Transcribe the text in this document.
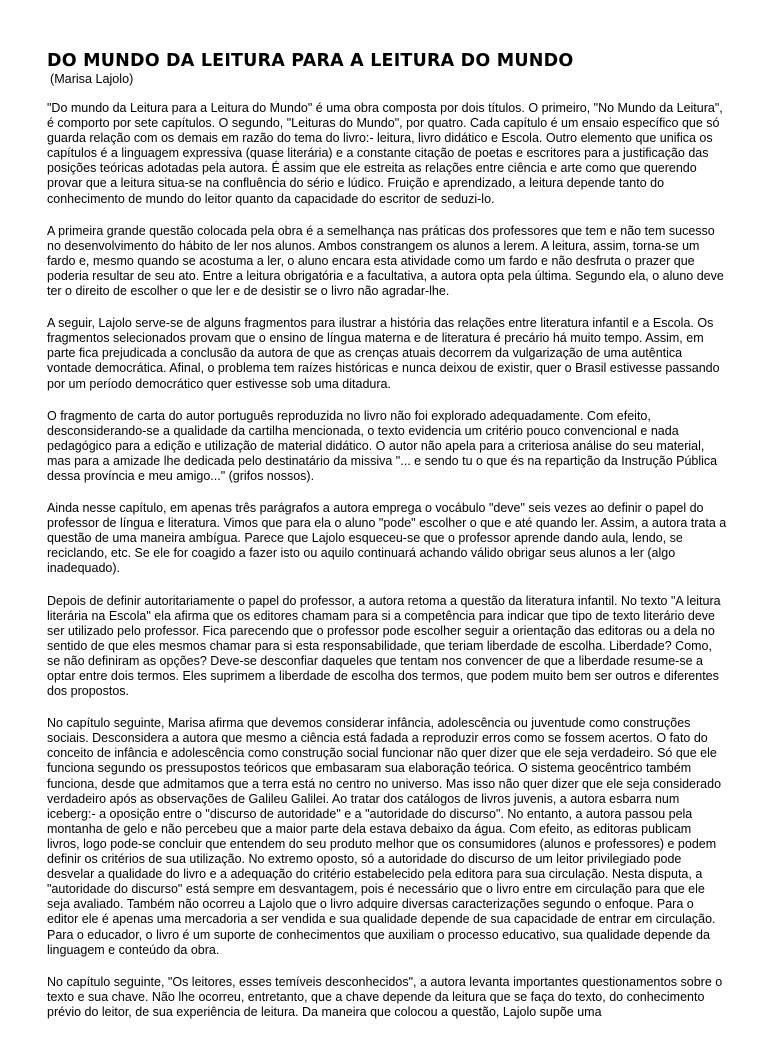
DO MUNDO DA LEITURA PARA A LEITURA DO MUNDO
(Marisa Lajolo)

"Do mundo da Leitura para a Leitura do Mundo" é uma obra composta por dois títulos. O primeiro, "No Mundo da Leitura", é comporto por sete capítulos. O segundo, "Leituras do Mundo", por quatro. Cada capítulo é um ensaio específico que só guarda relação com os demais em razão do tema do livro:- leitura, livro didático e Escola. Outro elemento que unifica os capítulos é a linguagem expressiva (quase literária) e a constante citação de poetas e escritores para a justificação das posições teóricas adotadas pela autora. É assim que ele estreita as relações entre ciência e arte como que querendo provar que a leitura situa-se na confluência do sério e lúdico. Fruição e aprendizado, a leitura depende tanto do conhecimento de mundo do leitor quanto da capacidade do escritor de seduzi-lo.

A primeira grande questão colocada pela obra é a semelhança nas práticas dos professores que tem e não tem sucesso no desenvolvimento do hábito de ler nos alunos. Ambos constrangem os alunos a lerem. A leitura, assim, torna-se um fardo e, mesmo quando se acostuma a ler, o aluno encara esta atividade como um fardo e não desfruta o prazer que poderia resultar de seu ato. Entre a leitura obrigatória e a facultativa, a autora opta pela última. Segundo ela, o aluno deve ter o direito de escolher o que ler e de desistir se o livro não agradar-lhe.

A seguir, Lajolo serve-se de alguns fragmentos para ilustrar a história das relações entre literatura infantil e a Escola. Os fragmentos selecionados provam que o ensino de língua materna e de literatura é precário há muito tempo. Assim, em parte fica prejudicada a conclusão da autora de que as crenças atuais decorrem da vulgarização de uma autêntica vontade democrática. Afinal, o problema tem raízes históricas e nunca deixou de existir, quer o Brasil estivesse passando por um período democrático quer estivesse sob uma ditadura.

O fragmento de carta do autor português reproduzida no livro não foi explorado adequadamente. Com efeito, desconsiderando-se a qualidade da cartilha mencionada, o texto evidencia um critério pouco convencional e nada pedagógico para a edição e utilização de material didático. O autor não apela para a criteriosa análise do seu material, mas para a amizade lhe dedicada pelo destinatário da missiva "... e sendo tu o que és na repartição da Instrução Pública dessa província e meu amigo..." (grifos nossos).

Ainda nesse capítulo, em apenas três parágrafos a autora emprega o vocábulo "deve" seis vezes ao definir o papel do professor de língua e literatura. Vimos que para ela o aluno "pode" escolher o que e até quando ler. Assim, a autora trata a questão de uma maneira ambígua. Parece que Lajolo esqueceu-se que o professor aprende dando aula, lendo, se reciclando, etc. Se ele for coagido a fazer isto ou aquilo continuará achando válido obrigar seus alunos a ler (algo inadequado).

Depois de definir autoritariamente o papel do professor, a autora retoma a questão da literatura infantil. No texto "A leitura literária na Escola" ela afirma que os editores chamam para si a competência para indicar que tipo de texto literário deve ser utilizado pelo professor. Fica parecendo que o professor pode escolher seguir a orientação das editoras ou a dela no sentido de que eles mesmos chamar para si esta responsabilidade, que teriam liberdade de escolha. Liberdade? Como, se não definiram as opções? Deve-se desconfiar daqueles que tentam nos convencer de que a liberdade resume-se a optar entre dois termos. Eles suprimem a liberdade de escolha dos termos, que podem muito bem ser outros e diferentes dos propostos.

No capítulo seguinte, Marisa afirma que devemos considerar infância, adolescência ou juventude como construções sociais. Desconsidera a autora que mesmo a ciência está fadada a reproduzir erros como se fossem acertos. O fato do conceito de infância e adolescência como construção social funcionar não quer dizer que ele seja verdadeiro. Só que ele funciona segundo os pressupostos teóricos que embasaram sua elaboração teórica. O sistema geocêntrico também funciona, desde que admitamos que a terra está no centro no universo. Mas isso não quer dizer que ele seja considerado verdadeiro após as observações de Galileu Galilei. Ao tratar dos catálogos de livros juvenis, a autora esbarra num iceberg:- a oposição entre o "discurso de autoridade" e a "autoridade do discurso". No entanto, a autora passou pela montanha de gelo e não percebeu que a maior parte dela estava debaixo da água. Com efeito, as editoras publicam livros, logo pode-se concluir que entendem do seu produto melhor que os consumidores (alunos e professores) e podem definir os critérios de sua utilização. No extremo oposto, só a autoridade do discurso de um leitor privilegiado pode desvelar a qualidade do livro e a adequação do critério estabelecido pela editora para sua circulação. Nesta disputa, a "autoridade do discurso" está sempre em desvantagem, pois é necessário que o livro entre em circulação para que ele seja avaliado. Também não ocorreu a Lajolo que o livro adquire diversas caracterizações segundo o enfoque. Para o editor ele é apenas uma mercadoria a ser vendida e sua qualidade depende de sua capacidade de entrar em circulação. Para o educador, o livro é um suporte de conhecimentos que auxiliam o processo educativo, sua qualidade depende da linguagem e conteúdo da obra.

No capítulo seguinte, "Os leitores, esses temíveis desconhecidos", a autora levanta importantes questionamentos sobre o texto e sua chave. Não lhe ocorreu, entretanto, que a chave depende da leitura que se faça do texto, do conhecimento prévio do leitor, de sua experiência de leitura. Da maneira que colocou a questão, Lajolo supõe uma
